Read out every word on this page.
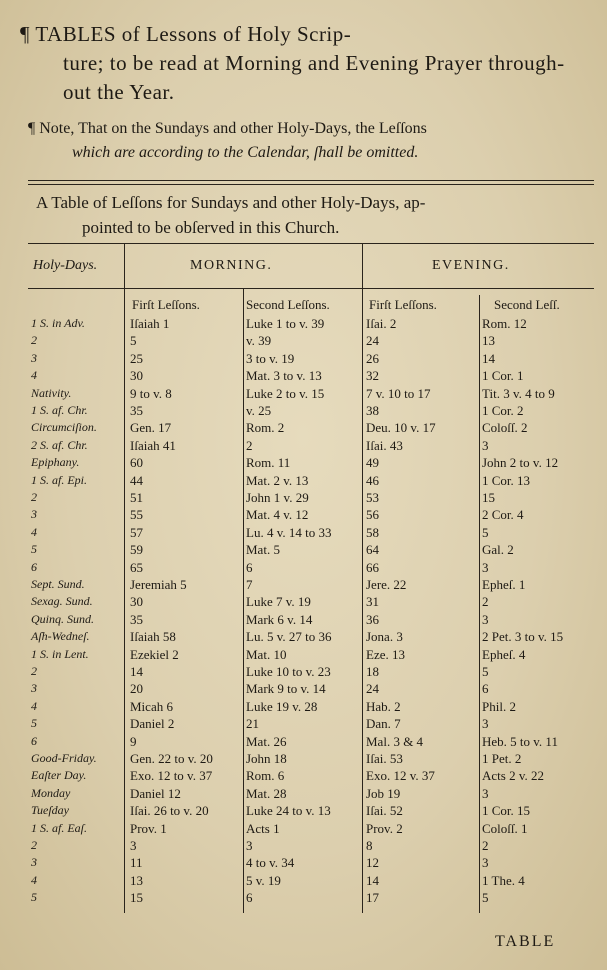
¶ TABLES of Lessons of Holy Scrip-
ture; to be read at Morning and Evening Prayer through-
out the Year.
¶ Note, That on the Sundays and other Holy-Days, the Leſſons
which are according to the Calendar, ſhall be omitted.
A Table of Leſſons for Sundays and other Holy-Days, ap-
pointed to be obſerved in this Church.
Holy-Days.	MORNING.	EVENING.
Firſt Leſſons.	Second Leſſons.	Firſt Leſſons.	Second Leſſ.
1 S. in Adv.	Iſaiah 1	Luke 1 to v. 39	Iſai. 2	Rom. 12
2	5	v. 39	24	13
3	25	3 to v. 19	26	14
4	30	Mat. 3 to v. 13	32	1 Cor. 1
Nativity.	9 to v. 8	Luke 2 to v. 15	7 v. 10 to 17	Tit. 3 v. 4 to 9
1 S. af. Chr.	35	v. 25	38	1 Cor. 2
Circumciſion.	Gen. 17	Rom. 2	Deu. 10 v. 17	Coloſſ. 2
2 S. af. Chr.	Iſaiah 41	2	Iſai. 43	3
Epiphany.	60	Rom. 11	49	John 2 to v. 12
1 S. af. Epi.	44	Mat. 2 v. 13	46	1 Cor. 13
2	51	John 1 v. 29	53	15
3	55	Mat. 4 v. 12	56	2 Cor. 4
4	57	Lu. 4 v. 14 to 33	58	5
5	59	Mat. 5	64	Gal. 2
6	65	6	66	3
Sept. Sund.	Jeremiah 5	7	Jere. 22	Epheſ. 1
Sexag. Sund.	30	Luke 7 v. 19	31	2
Quinq. Sund.	35	Mark 6 v. 14	36	3
Aſh-Wedneſ.	Iſaiah 58	Lu. 5 v. 27 to 36	Jona. 3	2 Pet. 3 to v. 15
1 S. in Lent.	Ezekiel 2	Mat. 10	Eze. 13	Epheſ. 4
2	14	Luke 10 to v. 23	18	5
3	20	Mark 9 to v. 14	24	6
4	Micah 6	Luke 19 v. 28	Hab. 2	Phil. 2
5	Daniel 2	21	Dan. 7	3
6	9	Mat. 26	Mal. 3 & 4	Heb. 5 to v. 11
Good-Friday.	Gen. 22 to v. 20	John 18	Iſai. 53	1 Pet. 2
Eaſter Day.	Exo. 12 to v. 37	Rom. 6	Exo. 12 v. 37	Acts 2 v. 22
Monday	Daniel 12	Mat. 28	Job 19	3
Tueſday	Iſai. 26 to v. 20	Luke 24 to v. 13	Iſai. 52	1 Cor. 15
1 S. af. Eaſ.	Prov. 1	Acts 1	Prov. 2	Coloſſ. 1
2	3	3	8	2
3	11	4 to v. 34	12	3
4	13	5 v. 19	14	1 The. 4
5	15	6	17	5
TABLE
